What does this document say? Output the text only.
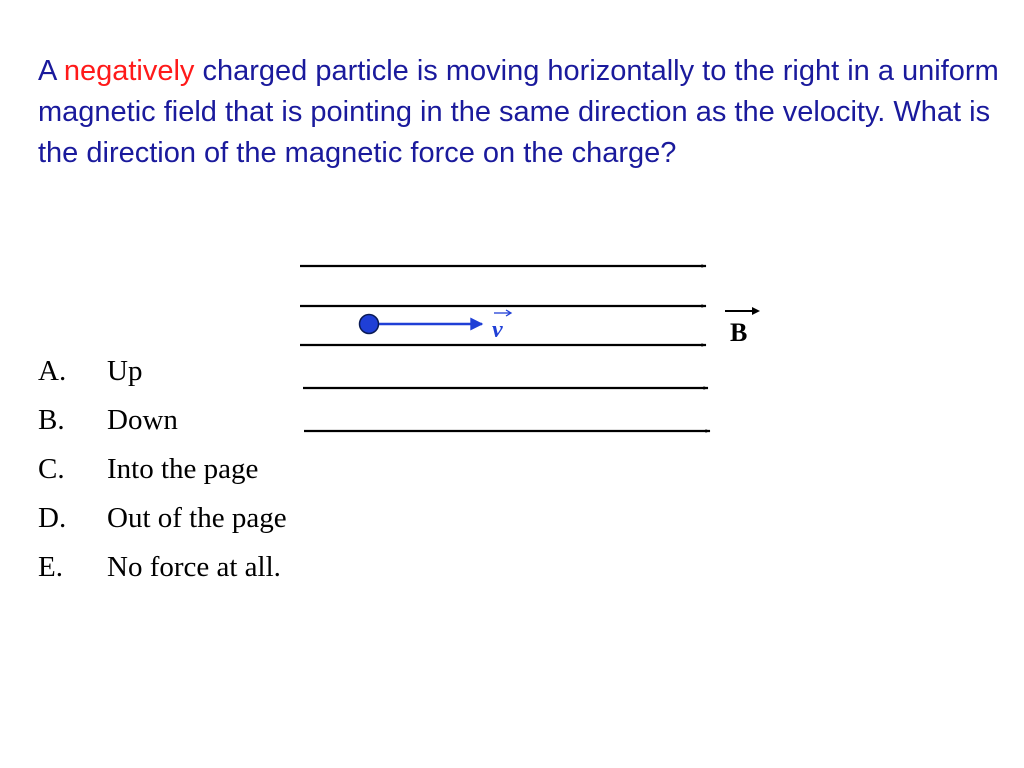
A negatively charged particle is moving horizontally to the right in a uniform magnetic field that is pointing in the same direction as the velocity. What is the direction of the magnetic force on the charge?

v	B
A. Up
B. Down
C. Into the page
D. Out of the page
E. No force at all.
